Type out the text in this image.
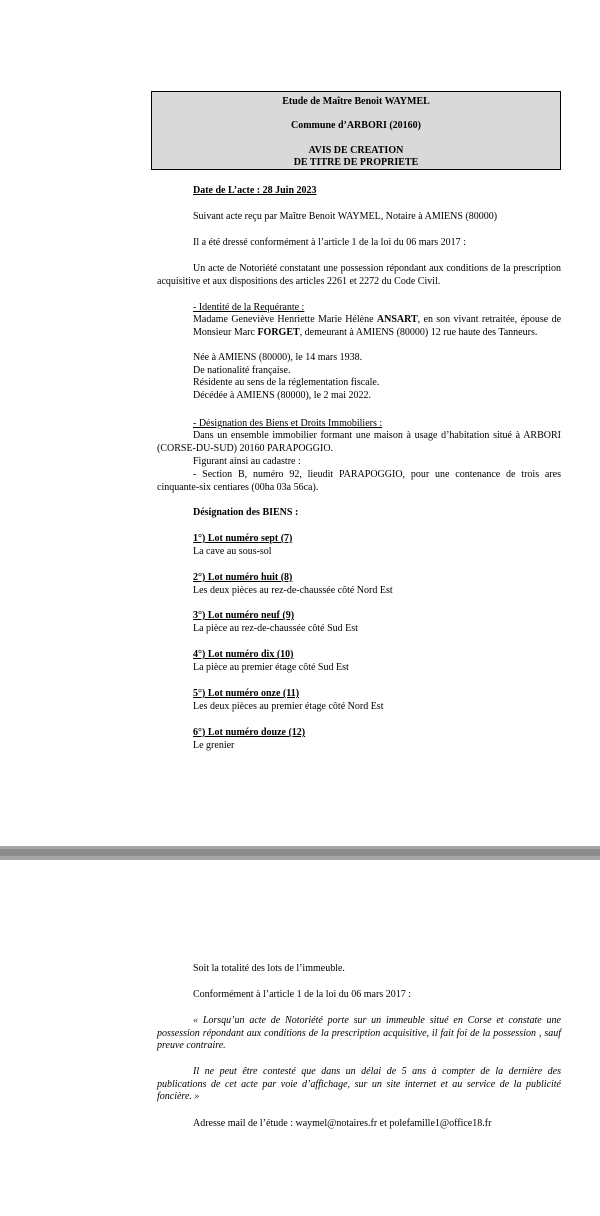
Etude de Maître Benoit WAYMEL
Commune d’ARBORI (20160)
AVIS DE CREATION
DE TITRE DE PROPRIETE
Date de L’acte : 28 Juin 2023
Suivant acte reçu par Maître Benoit WAYMEL, Notaire à AMIENS (80000)
Il a été dressé conformément à l’article 1 de la loi du 06 mars 2017 :
Un acte de Notoriété constatant une possession répondant aux conditions de la prescription acquisitive et aux dispositions des articles 2261 et 2272 du Code Civil.
- Identité de la Requérante :
Madame Geneviève Henriette Marie Hélène ANSART, en son vivant retraitée, épouse de Monsieur Marc FORGET, demeurant à AMIENS (80000) 12 rue haute des Tanneurs.
Née à AMIENS (80000), le 14 mars 1938.
De nationalité française.
Résidente au sens de la réglementation fiscale.
Décédée à AMIENS (80000), le 2 mai 2022.
- Désignation des Biens et Droits Immobiliers :
Dans un ensemble immobilier formant une maison à usage d’habitation situé à ARBORI (CORSE-DU-SUD) 20160 PARAPOGGIO.
Figurant ainsi au cadastre :
- Section B, numéro 92, lieudit PARAPOGGIO, pour une contenance de trois ares cinquante-six centiares (00ha 03a 56ca).
Désignation des BIENS :
1°) Lot numéro sept (7)
La cave au sous-sol
2°) Lot numéro huit (8)
Les deux pièces au rez-de-chaussée côté Nord Est
3°) Lot numéro neuf (9)
La pièce au rez-de-chaussée côté Sud Est
4°) Lot numéro dix (10)
La pièce au premier étage côté Sud Est
5°) Lot numéro onze (11)
Les deux pièces au premier étage côté Nord Est
6°) Lot numéro douze (12)
Le grenier
Soit la totalité des lots de l’immeuble.
Conformément à l’article 1 de la loi du 06 mars 2017 :
« Lorsqu’un acte de Notoriété porte sur un immeuble situé en Corse et constate une possession répondant aux conditions de la prescription acquisitive, il fait foi de la possession , sauf preuve contraire.
Il ne peut être contesté que dans un délai de 5 ans à compter de la dernière des publications de cet acte par voie d’affichage, sur un site internet et au service de la publicité foncière. »
Adresse mail de l’étude : waymel@notaires.fr et polefamille1@office18.fr
